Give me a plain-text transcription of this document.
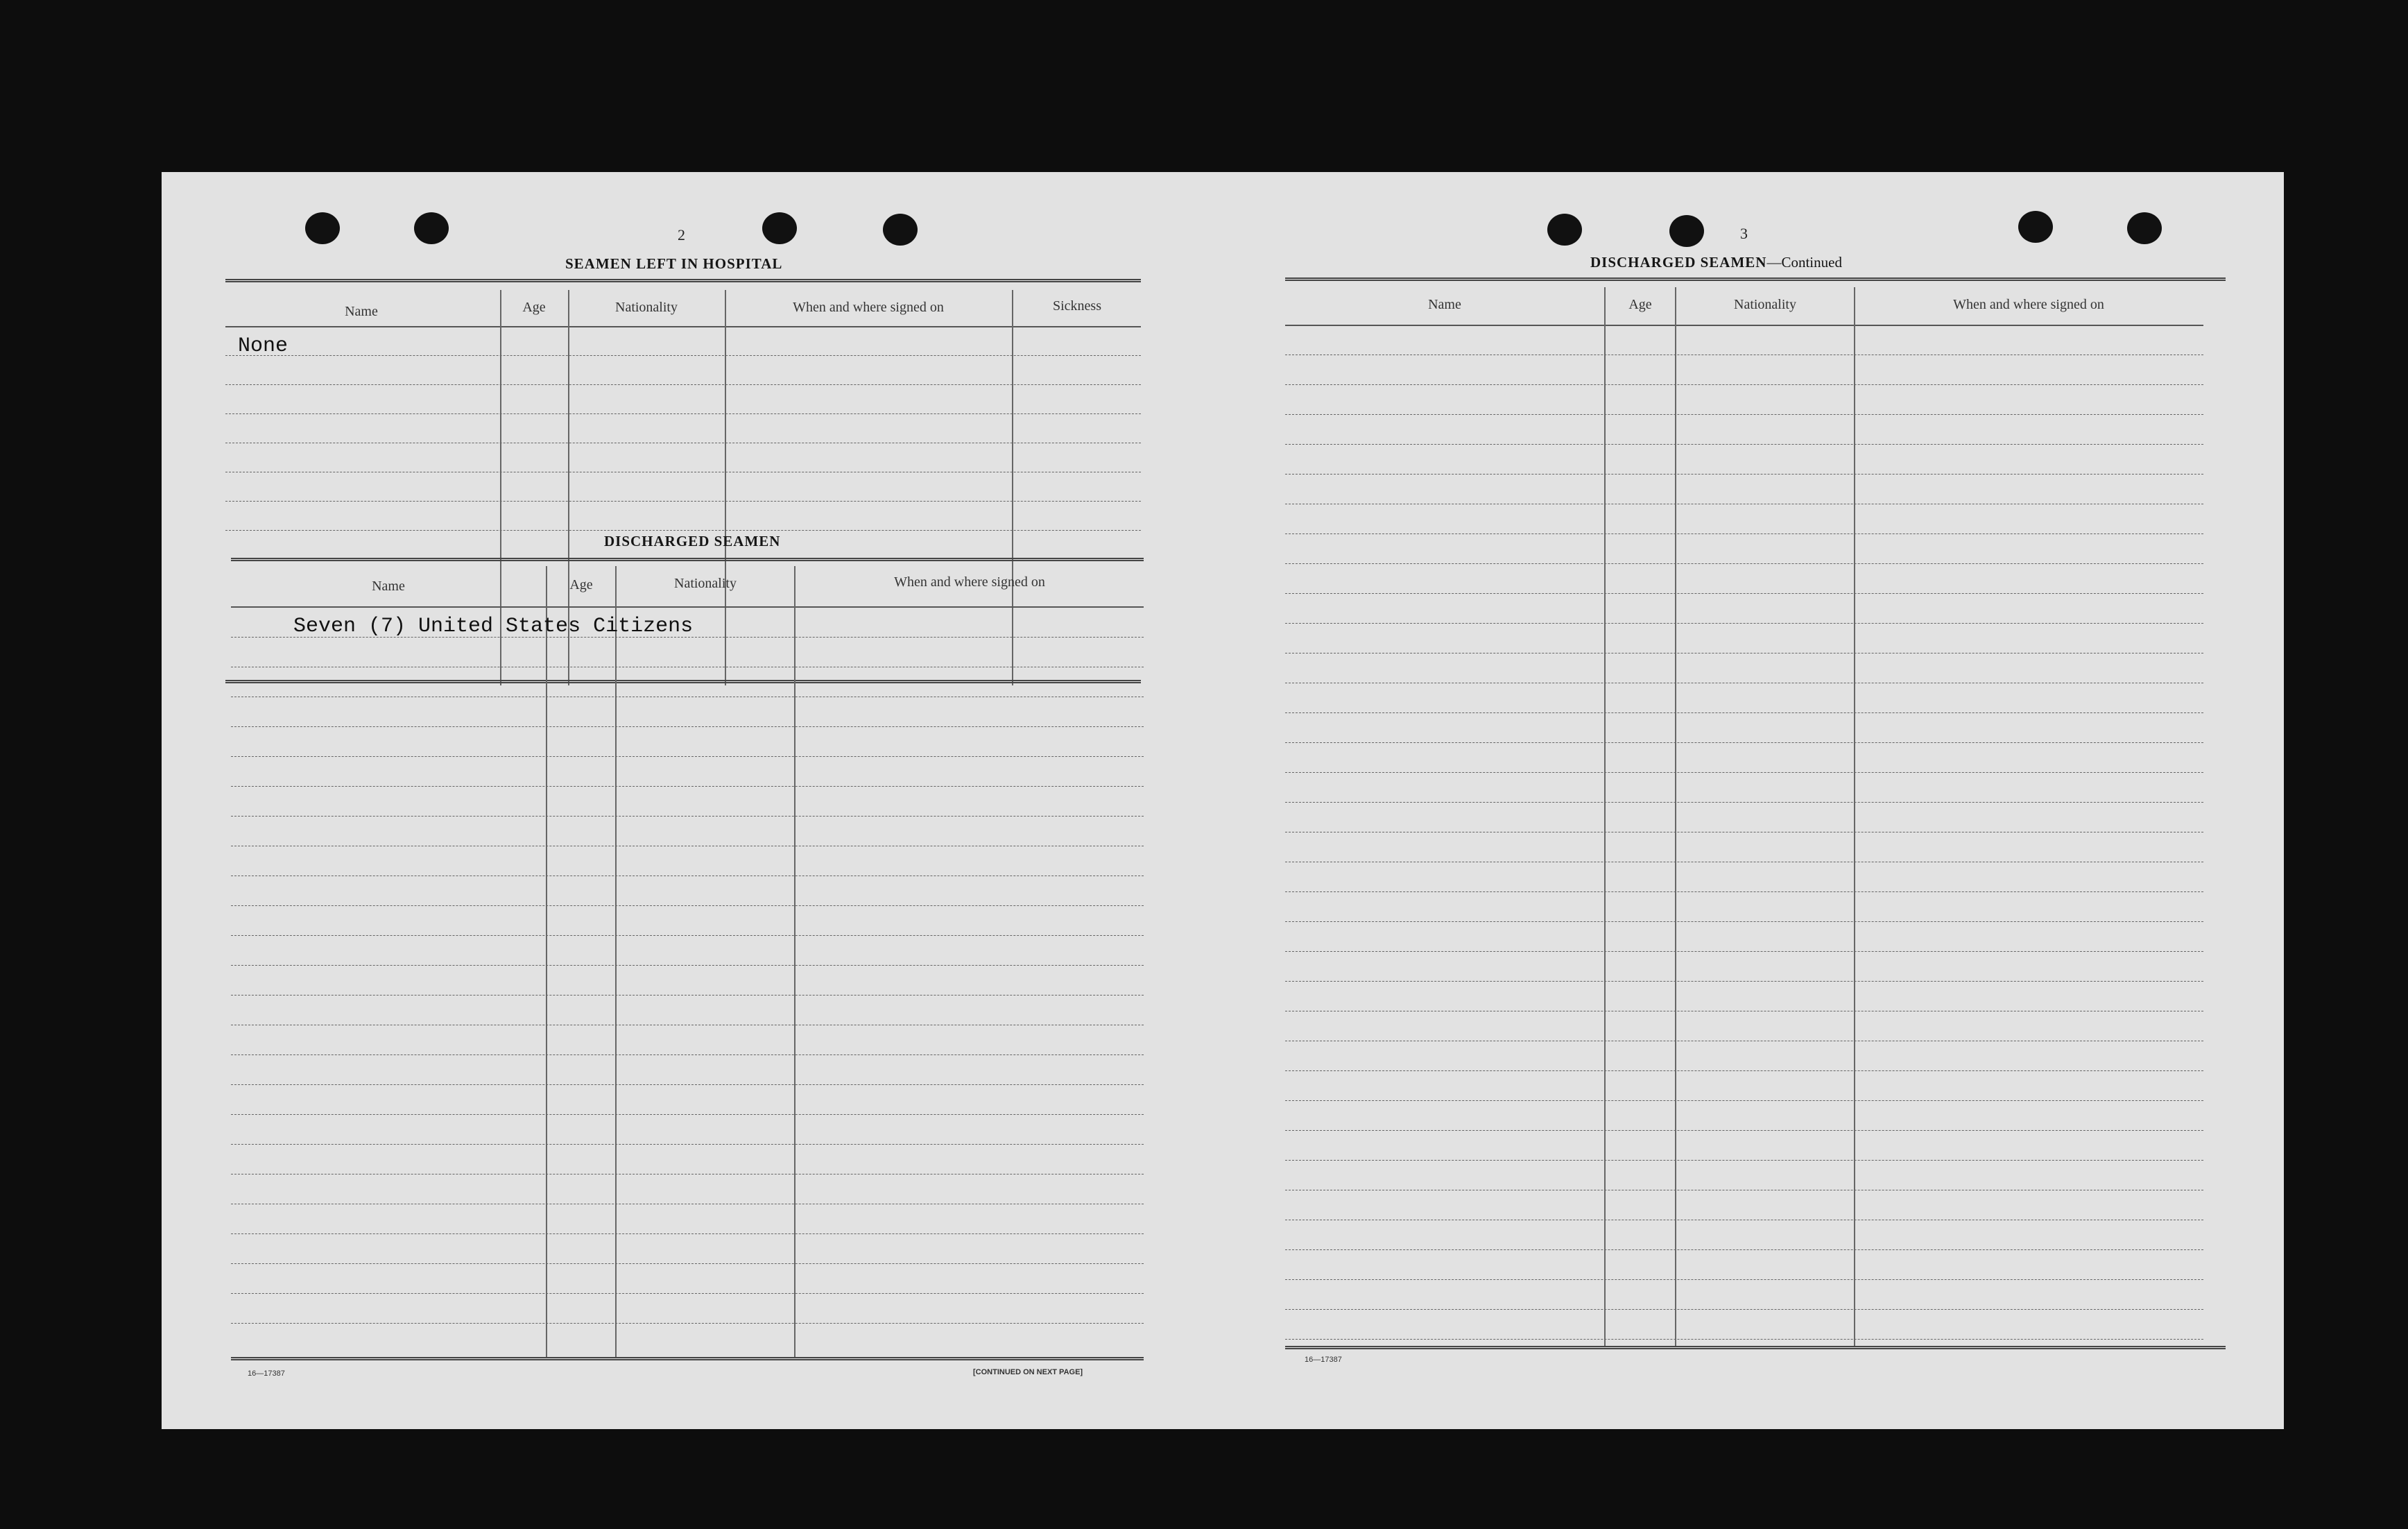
2
SEAMEN LEFT IN HOSPITAL
Name	Age	Nationality	When and where signed on	Sickness
None
DISCHARGED SEAMEN
Name	Age	Nationality	When and where signed on
Seven (7) United States Citizens
16—17387	[CONTINUED ON NEXT PAGE]
3
DISCHARGED SEAMEN—Continued
Name	Age	Nationality	When and where signed on
16—17387
